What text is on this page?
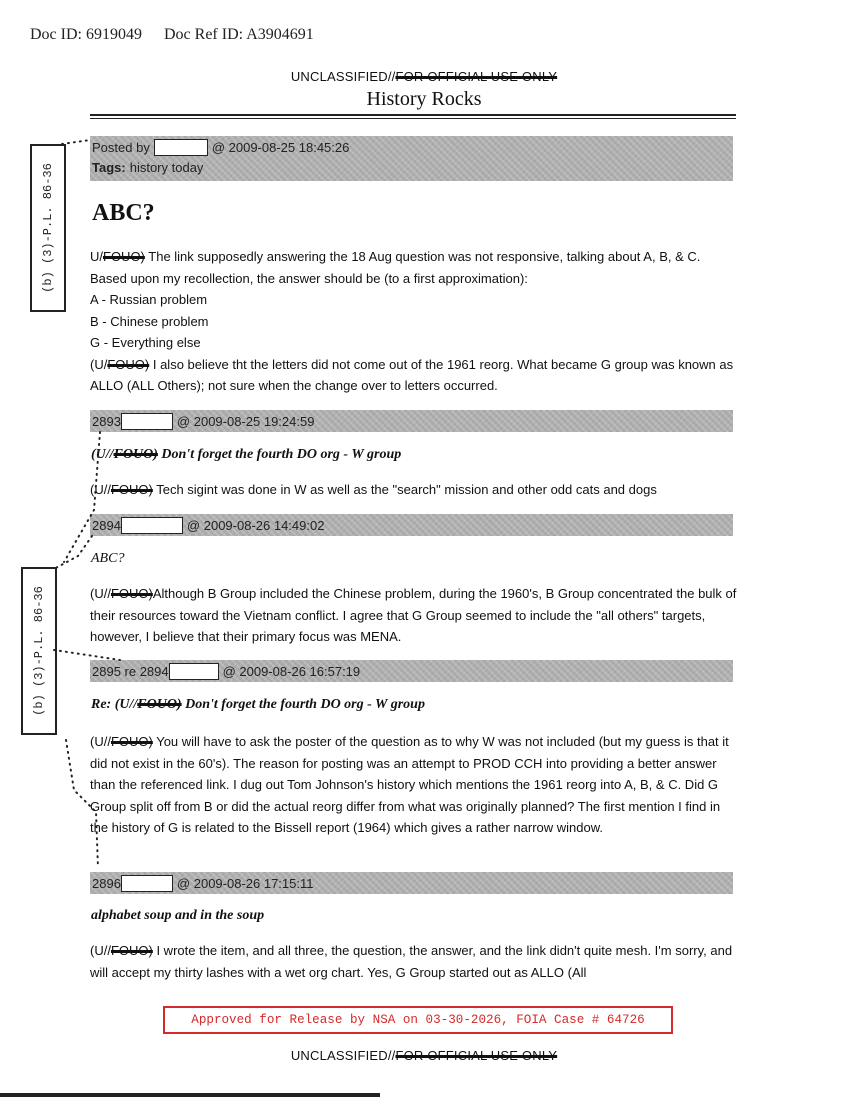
Doc ID: 6919049 Doc Ref ID: A3904691
UNCLASSIFIED//FOR OFFICIAL USE ONLY
History Rocks
Posted by	@ 2009-08-25 18:45:26
Tags: history today
ABC?

U/FOUO) The link supposedly answering the 18 Aug question was not responsive, talking about A, B, & C. Based upon my recollection, the answer should be (to a first approximation):

A - Russian problem

B - Chinese problem

G - Everything else

(U/FOUO) I also believe tht the letters did not come out of the 1961 reorg. What became G group was known as ALLO (ALL Others); not sure when the change over to letters occurred.

2893	@ 2009-08-25 19:24:59
(U//FOUO) Don't forget the fourth DO org - W group

(U//FOUO) Tech sigint was done in W as well as the "search" mission and other odd cats and dogs

2894	@ 2009-08-26 14:49:02
ABC?

(U//FOUO)Although B Group included the Chinese problem, during the 1960's, B Group concentrated the bulk of their resources toward the Vietnam conflict. I agree that G Group seemed to include the "all others" targets, however, I believe that their primary focus was MENA.

2895 re 2894	@ 2009-08-26 16:57:19
Re: (U//FOUO) Don't forget the fourth DO org - W group

(U//FOUO) You will have to ask the poster of the question as to why W was not included (but my guess is that it did not exist in the 60's). The reason for posting was an attempt to PROD CCH into providing a better answer than the referenced link. I dug out Tom Johnson's history which mentions the 1961 reorg into A, B, & C. Did G Group split off from B or did the actual reorg differ from what was originally planned? The first mention I find in the history of G is related to the Bissell report (1964) which gives a rather narrow window.

2896	@ 2009-08-26 17:15:11
alphabet soup and in the soup

(U//FOUO) I wrote the item, and all three, the question, the answer, and the link didn't quite mesh. I'm sorry, and will accept my thirty lashes with a wet org chart. Yes, G Group started out as ALLO (All

(b) (3)-P.L. 86-36
(b) (3)-P.L. 86-36
Approved for Release by NSA on 03-30-2026, FOIA Case # 64726
UNCLASSIFIED//FOR OFFICIAL USE ONLY
